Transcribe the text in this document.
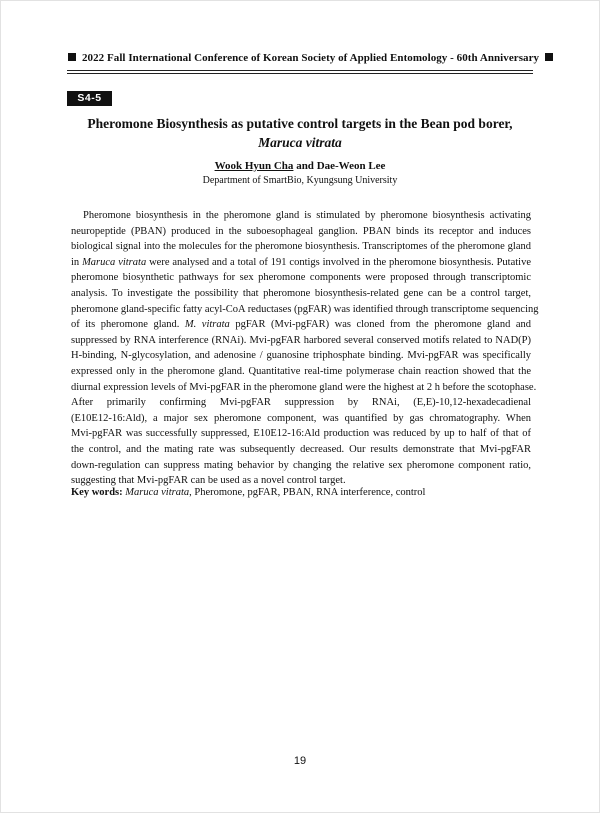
2022 Fall International Conference of Korean Society of Applied Entomology - 60th Anniversary
S4-5
Pheromone Biosynthesis as putative control targets in the Bean pod borer,
Maruca vitrata
Wook Hyun Cha and Dae-Weon Lee
Department of SmartBio, Kyungsung University
Pheromone biosynthesis in the pheromone gland is stimulated by pheromone biosynthesis activating
neuropeptide (PBAN) produced in the suboesophageal ganglion. PBAN binds its receptor and induces
biological signal into the molecules for the pheromone biosynthesis. Transcriptomes of the pheromone gland
in Maruca vitrata were analysed and a total of 191 contigs involved in the pheromone biosynthesis. Putative
pheromone biosynthetic pathways for sex pheromone components were proposed through transcriptomic
analysis. To investigate the possibility that pheromone biosynthesis-related gene can be a control target,
pheromone gland-specific fatty acyl-CoA reductases (pgFAR) was identified through transcriptome sequencing
of its pheromone gland. M. vitrata pgFAR (Mvi-pgFAR) was cloned from the pheromone gland and
suppressed by RNA interference (RNAi). Mvi-pgFAR harbored several conserved motifs related to NAD(P)
H-binding, N-glycosylation, and adenosine / guanosine triphosphate binding. Mvi-pgFAR was specifically
expressed only in the pheromone gland. Quantitative real-time polymerase chain reaction showed that the
diurnal expression levels of Mvi-pgFAR in the pheromone gland were the highest at 2 h before the scotophase.
After primarily confirming Mvi-pgFAR suppression by RNAi, (E,E)-10,12-hexadecadienal
(E10E12-16:Ald), a major sex pheromone component, was quantified by gas chromatography. When
Mvi-pgFAR was successfully suppressed, E10E12-16:Ald production was reduced by up to half of that of
the control, and the mating rate was subsequently decreased. Our results demonstrate that Mvi-pgFAR
down-regulation can suppress mating behavior by changing the relative sex pheromone component ratio,
suggesting that Mvi-pgFAR can be used as a novel control target.
Key words: Maruca vitrata, Pheromone, pgFAR, PBAN, RNA interference, control
19
